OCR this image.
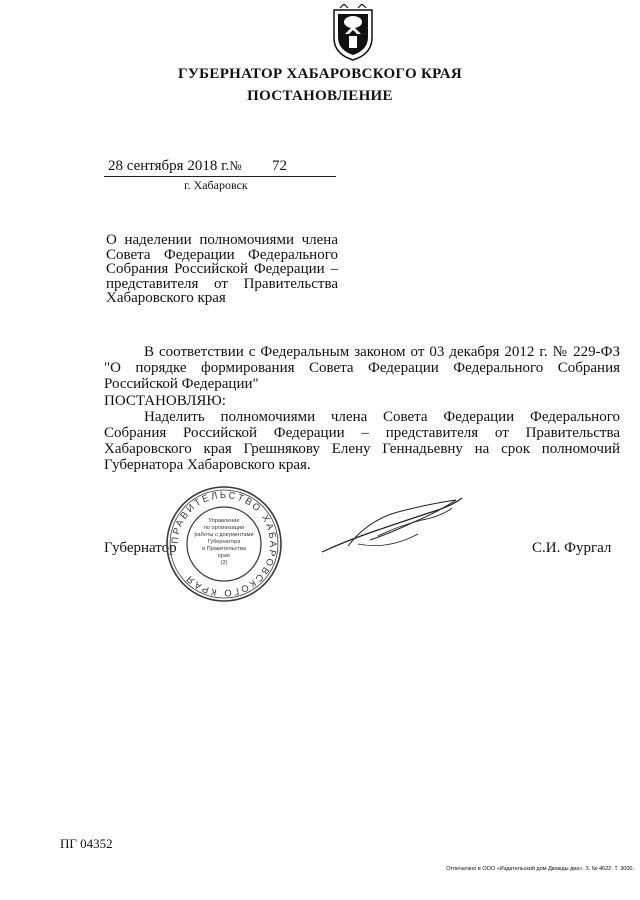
ГУБЕРНАТОР ХАБАРОВСКОГО КРАЯ
ПОСТАНОВЛЕНИЕ
28 сентября 2018 г.№ 72
г. Хабаровск
О наделении полномочиями члена Совета Федерации Федерального Собрания Российской Федерации – представителя от Правительства Хабаровского края
В соответствии с Федеральным законом от 03 декабря 2012 г. № 229-ФЗ "О порядке формирования Совета Федерации Федерального Собрания Российской Федерации"
ПОСТАНОВЛЯЮ:
Наделить полномочиями члена Совета Федерации Федерального Собрания Российской Федерации – представителя от Правительства Хабаровского края Грешнякову Елену Геннадьевну на срок полномочий Губернатора Хабаровского края.
Губернатор	С.И. Фургал
ПРАВИТЕЛЬСТВО ХАБАРОВСКОГО КРАЯ
Управление
по организации
работы с документами
Губернатора
и Правительства
края
(2)
ПГ 04352
Отпечатано в ООО «Издательский дом Дважды два». З. № 4622. Т. 3000.
